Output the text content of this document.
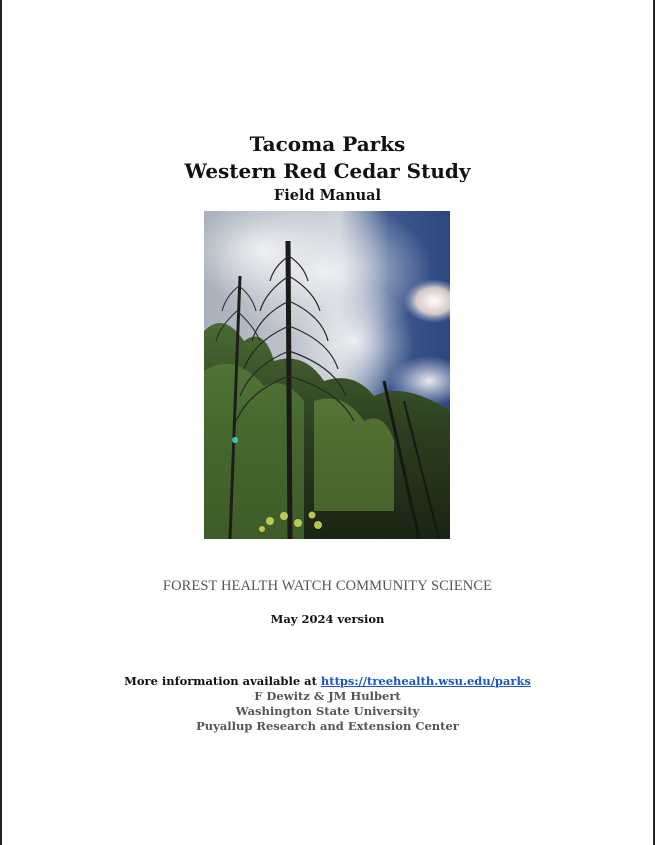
Tacoma Parks
Western Red Cedar Study
Field Manual
FOREST HEALTH WATCH COMMUNITY SCIENCE
May 2024 version
More information available at https://treehealth.wsu.edu/parks
F Dewitz & JM Hulbert
Washington State University
Puyallup Research and Extension Center
